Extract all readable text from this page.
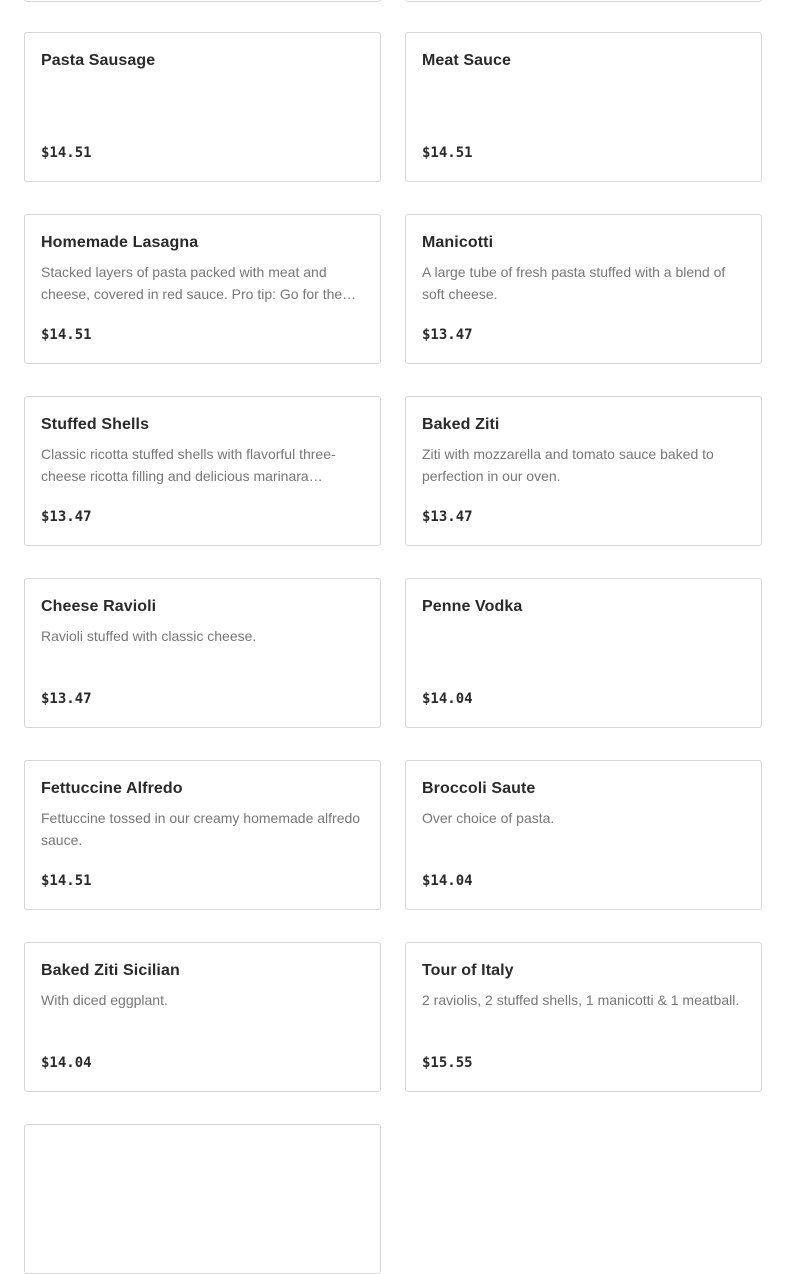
Pasta Sausage
$14.51
Meat Sauce
$14.51
Homemade Lasagna
Stacked layers of pasta packed with meat and cheese, covered in red sauce. Pro tip: Go for the…
$14.51
Manicotti
A large tube of fresh pasta stuffed with a blend of soft cheese.
$13.47
Stuffed Shells
Classic ricotta stuffed shells with flavorful three-cheese ricotta filling and delicious marinara…
$13.47
Baked Ziti
Ziti with mozzarella and tomato sauce baked to perfection in our oven.
$13.47
Cheese Ravioli
Ravioli stuffed with classic cheese.
$13.47
Penne Vodka
$14.04
Fettuccine Alfredo
Fettuccine tossed in our creamy homemade alfredo sauce.
$14.51
Broccoli Saute
Over choice of pasta.
$14.04
Baked Ziti Sicilian
With diced eggplant.
$14.04
Tour of Italy
2 raviolis, 2 stuffed shells, 1 manicotti & 1 meatball.
$15.55
